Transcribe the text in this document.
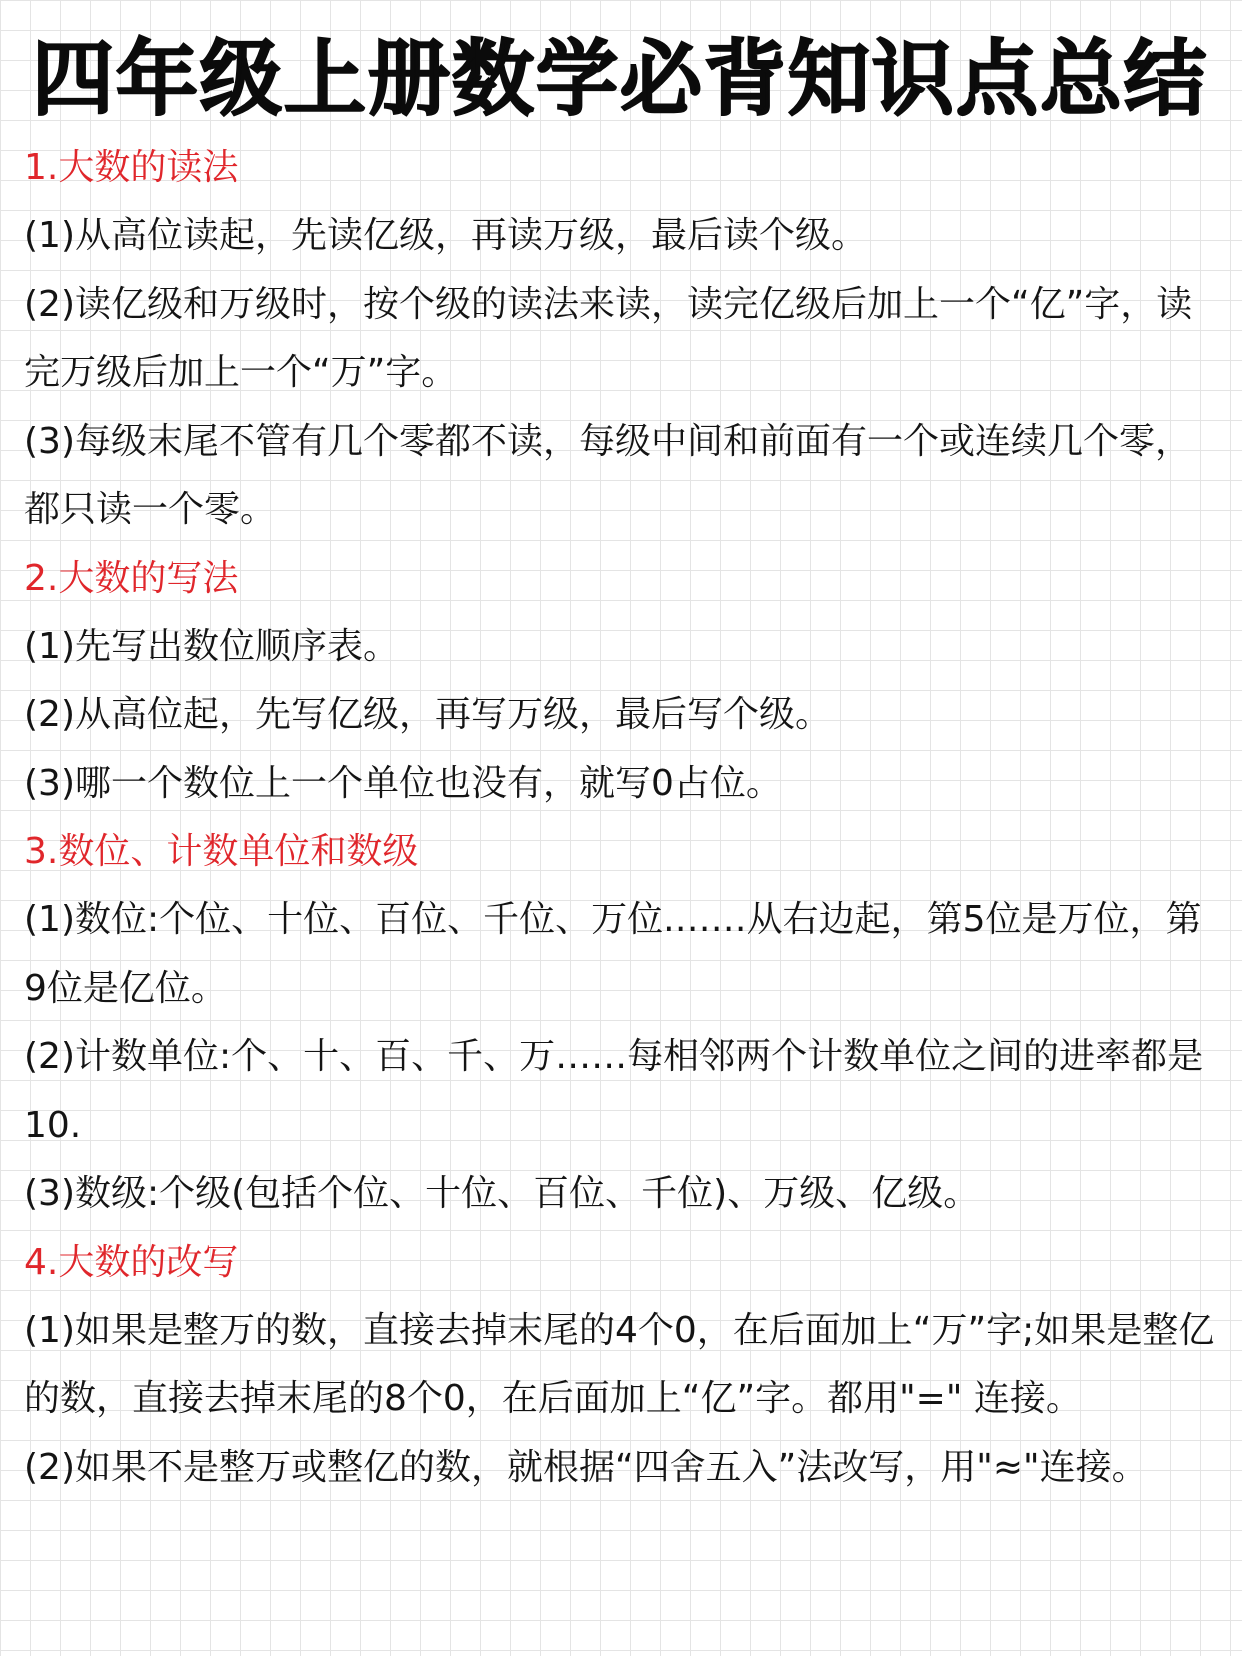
四年级上册数学必背知识点总结
1.大数的读法

(1)从高位读起，先读亿级，再读万级，最后读个级。

(2)读亿级和万级时，按个级的读法来读，读完亿级后加上一个“亿”字，读完万级后加上一个“万”字。

(3)每级末尾不管有几个零都不读，每级中间和前面有一个或连续几个零，都只读一个零。

2.大数的写法

(1)先写出数位顺序表。

(2)从高位起，先写亿级，再写万级，最后写个级。

(3)哪一个数位上一个单位也没有，就写0占位。

3.数位、计数单位和数级

(1)数位:个位、十位、百位、千位、万位.……从右边起，第5位是万位，第9位是亿位。

(2)计数单位:个、十、百、千、万……每相邻两个计数单位之间的进率都是10.

(3)数级:个级(包括个位、十位、百位、千位)、万级、亿级。

4.大数的改写

(1)如果是整万的数，直接去掉末尾的4个0，在后面加上“万”字;如果是整亿的数，直接去掉末尾的8个0，在后面加上“亿”字。都用"=" 连接。

(2)如果不是整万或整亿的数，就根据“四舍五入”法改写，用"≈"连接。
